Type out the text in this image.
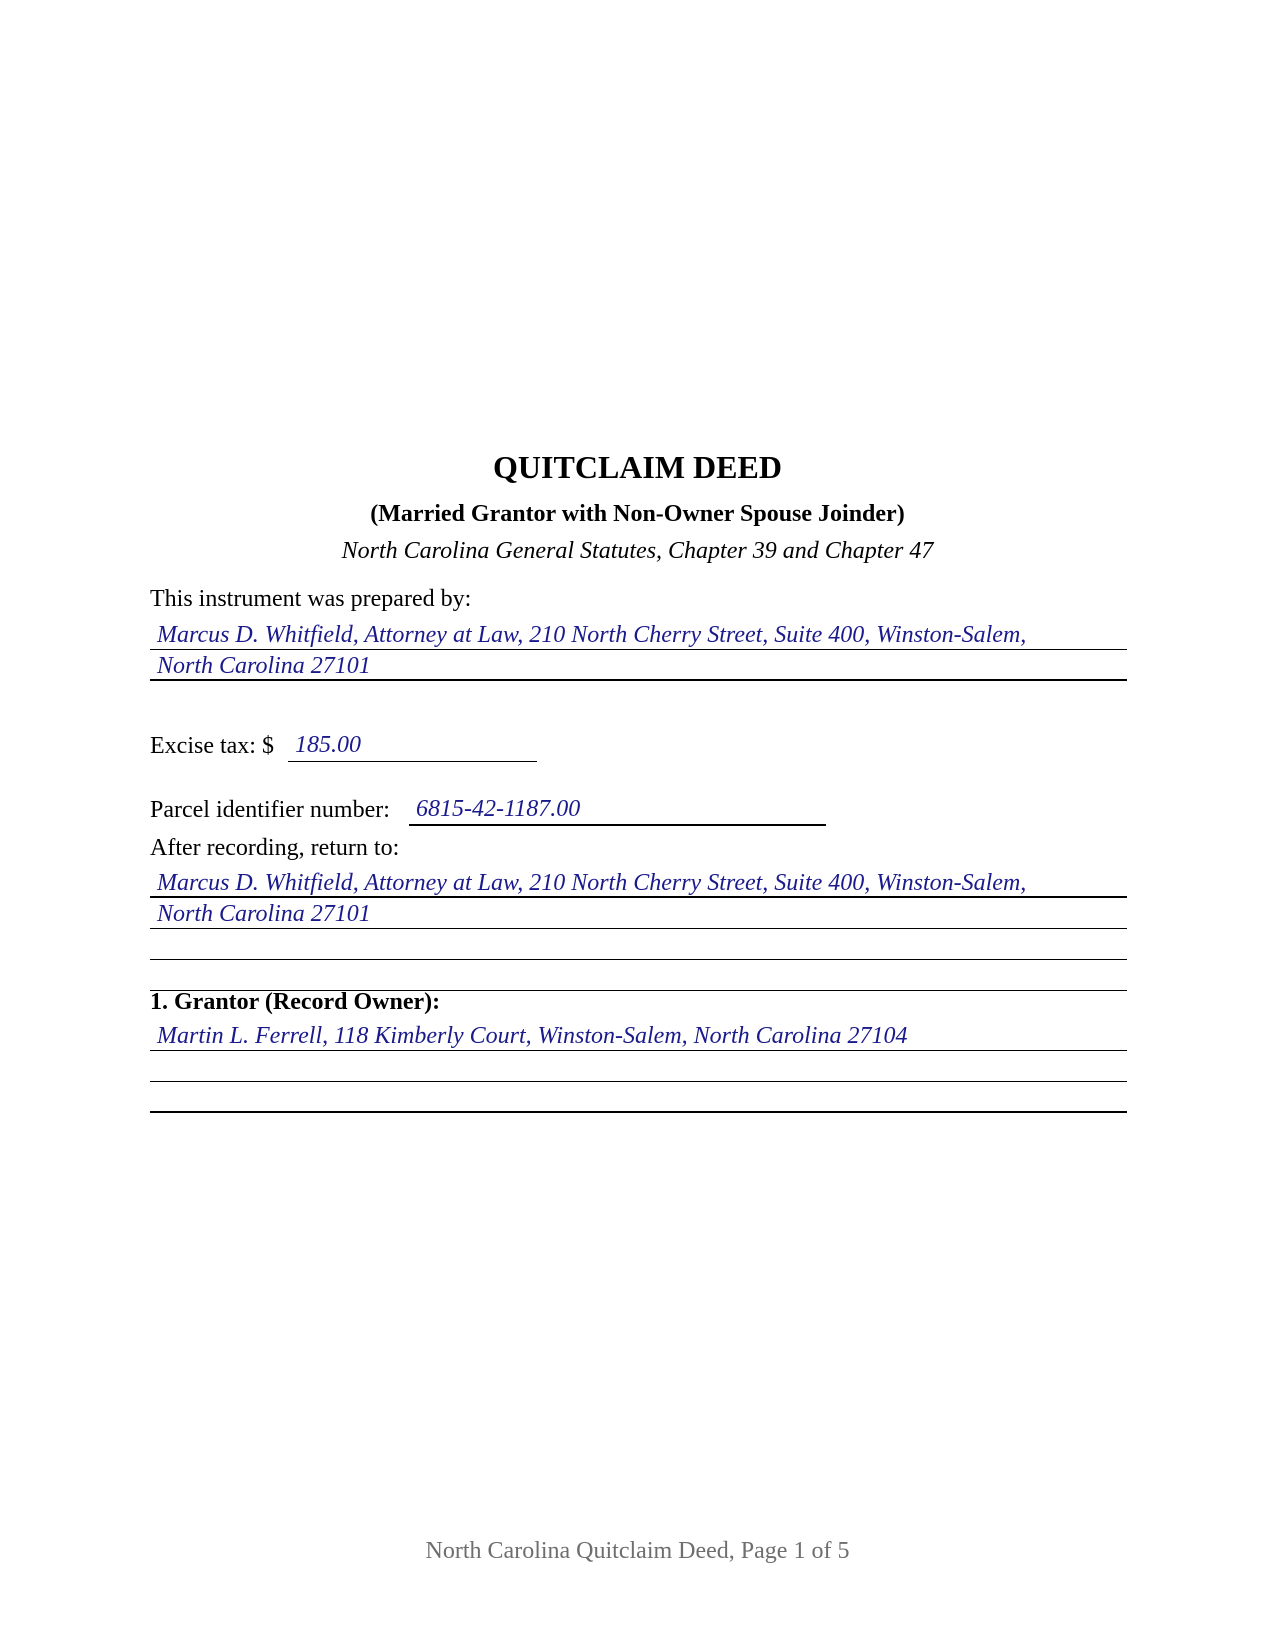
QUITCLAIM DEED
(Married Grantor with Non-Owner Spouse Joinder)
North Carolina General Statutes, Chapter 39 and Chapter 47
This instrument was prepared by:
Marcus D. Whitfield, Attorney at Law, 210 North Cherry Street, Suite 400, Winston-Salem,
North Carolina 27101
Excise tax: $ 185.00
Parcel identifier number: 6815-42-1187.00
After recording, return to:
Marcus D. Whitfield, Attorney at Law, 210 North Cherry Street, Suite 400, Winston-Salem,
North Carolina 27101
1. Grantor (Record Owner):
Martin L. Ferrell, 118 Kimberly Court, Winston-Salem, North Carolina 27104
North Carolina Quitclaim Deed, Page 1 of 5
